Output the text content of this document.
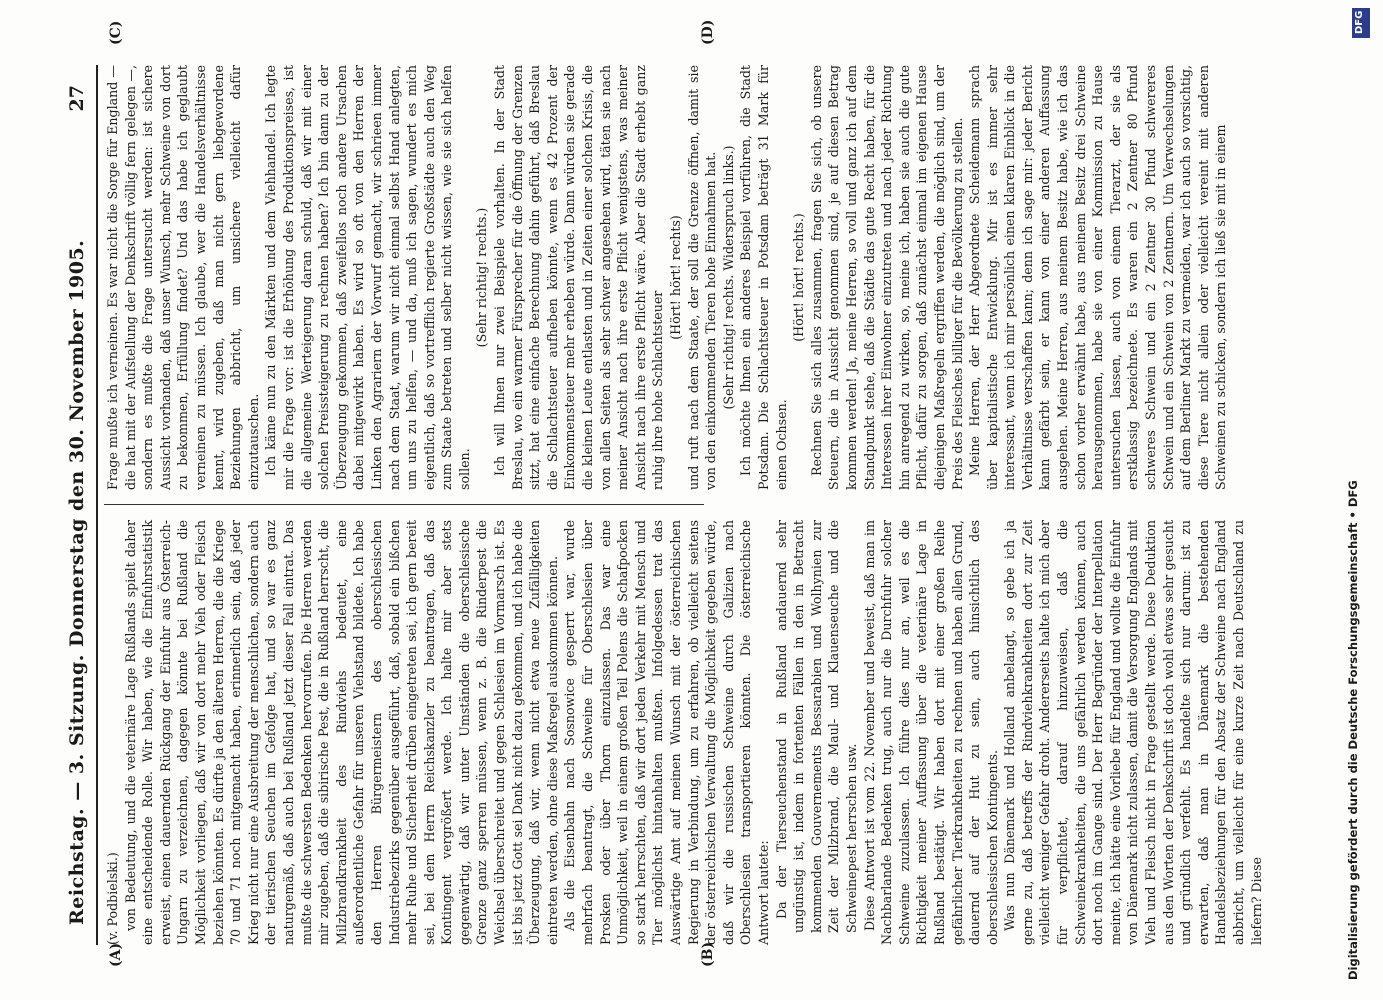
Reichstag. — 3. Sitzung. Donnerstag den 30. November 1905.
27

(v. Podbielski.) von Bedeutung, und die veterinäre Lage Rußlands spielt daher eine entscheidende Rolle. Wir haben, wie die Einfuhrstatistik erweist, einen dauernden Rückgang der Einfuhr aus Österreich-Ungarn zu verzeichnen, dagegen könnte bei Rußland die Möglichkeit vorliegen, daß wir von dort mehr Vieh oder Fleisch beziehen könnten. Es dürfte ja den älteren Herren, die die Kriege 70 und 71 noch mitgemacht haben, erinnerlich sein, daß jeder Krieg nicht nur eine Ausbreitung der menschlichen, sondern auch der tierischen Seuchen im Gefolge hat, und so war es ganz naturgemäß, daß auch bei Rußland jetzt dieser Fall eintrat. Das mußte die schwersten Bedenken hervorrufen. Die Herren werden mir zugeben, daß die sibirische Pest, die in Rußland herrscht, die Milzbrandkrankheit des Rindviehs bedeutet, eine außerordentliche Gefahr für unseren Viehstand bildete. Ich habe den Herren Bürgermeistern des oberschlesischen Industriebezirks gegenüber ausgeführt, daß, sobald ein bißchen mehr Ruhe und Sicherheit drüben eingetreten sei, ich gern bereit sei, bei dem Herrn Reichskanzler zu beantragen, daß das Kontingent vergrößert werde. Ich halte mir aber stets gegenwärtig, daß wir unter Umständen die oberschlesische Grenze ganz sperren müssen, wenn z. B. die Rinderpest die Weichsel überschreitet und gegen Schlesien im Vormarsch ist. Es ist bis jetzt Gott sei Dank nicht dazu gekommen, und ich habe die Überzeugung, daß wir, wenn nicht etwa neue Zufälligkeiten eintreten werden, ohne diese Maßregel auskommen können. Als die Eisenbahn nach Sosnowice gesperrt war, wurde mehrfach beantragt, die Schweine für Oberschlesien über Prosken oder über Thorn einzulassen. Das war eine Unmöglichkeit, weil in einem großen Teil Polens die Schafpocken so stark herrschten, daß wir dort jeden Verkehr mit Mensch und Tier möglichst hintanhalten mußten. Infolgedessen trat das Auswärtige Amt auf meinen Wunsch mit der österreichischen Regierung in Verbindung, um zu erfahren, ob vielleicht seitens der österreichischen Verwaltung die Möglichkeit gegeben würde, daß wir die russischen Schweine durch Galizien nach Oberschlesien transportieren könnten. Die österreichische Antwort lautete: Da der Tierseuchenstand in Rußland andauernd sehr ungünstig ist, indem in fortenten Fällen in den in Betracht kommenden Gouvernements Bessarabien und Wolhynien zur Zeit der Milzbrand, die Maul- und Klauenseuche und die Schweinepest herrschen usw. Diese Antwort ist vom 22. November und beweist, daß man im Nachbarlande Bedenken trug, auch nur die Durchfuhr solcher Schweine zuzulassen. Ich führe dies nur an, weil es die Richtigkeit meiner Auffassung über die veterinäre Lage in Rußland bestätigt. Wir haben dort mit einer großen Reihe gefährlicher Tierkrankheiten zu rechnen und haben allen Grund, dauernd auf der Hut zu sein, auch hinsichtlich des oberschlesischen Kontingents. Was nun Dänemark und Holland anbelangt, so gebe ich ja gerne zu, daß betreffs der Rindviehkrankheiten dort zur Zeit vielleicht weniger Gefahr droht. Andererseits halte ich mich aber für verpflichtet, darauf hinzuweisen, daß die Schweinekrankheiten, die uns gefährlich werden können, auch dort noch im Gange sind. Der Herr Begründer der Interpellation meinte, ich hätte eine Vorliebe für England und wollte die Einfuhr von Dänemark nicht zulassen, damit die Versorgung Englands mit Vieh und Fleisch nicht in Frage gestellt werde. Diese Deduktion aus den Worten der Denkschrift ist doch wohl etwas sehr gesucht und gründlich verfehlt. Es handelte sich nur darum: ist zu erwarten, daß man in Dänemark die bestehenden Handelsbeziehungen für den Absatz der Schweine nach England abbricht, um vielleicht für eine kurze Zeit nach Deutschland zu liefern? Diese

Frage mußte ich verneinen. Es war nicht die Sorge für England — die hat mit der Aufstellung der Denkschrift völlig fern gelegen —, sondern es mußte die Frage untersucht werden: ist sichere Aussicht vorhanden, daß unser Wunsch, mehr Schweine von dort zu bekommen, Erfüllung findet? Und das habe ich geglaubt verneinen zu müssen. Ich glaube, wer die Handelsverhältnisse kennt, wird zugeben, daß man nicht gern liebgewordene Beziehungen abbricht, um unsichere vielleicht dafür einzutauschen. Ich käme nun zu den Märkten und dem Viehhandel. Ich legte mir die Frage vor: ist die Erhöhung des Produktionspreises, ist die allgemeine Werteigerung daran schuld, daß wir mit einer solchen Preissteigerung zu rechnen haben? Ich bin dann zu der Überzeugung gekommen, daß zweifellos noch andere Ursachen dabei mitgewirkt haben. Es wird so oft von den Herren der Linken den Agrariern der Vorwurf gemacht, wir schrieen immer nach dem Staat, warum wir nicht einmal selbst Hand anlegten, um uns zu helfen, — und da, muß ich sagen, wundert es mich eigentlich, daß so vortrefflich regierte Großstädte auch den Weg zum Staate betreten und selber nicht wissen, wie sie sich helfen sollen.

(Sehr richtig! rechts.) Ich will Ihnen nur zwei Beispiele vorhalten. In der Stadt Breslau, wo ein warmer Fürsprecher für die Öffnung der Grenzen sitzt, hat eine einfache Berechnung dahin geführt, daß Breslau die Schlachtsteuer aufheben könnte, wenn es 42 Prozent der Einkommensteuer mehr erheben würde. Dann würden sie gerade die kleinen Leute entlasten und in Zeiten einer solchen Krisis, die von allen Seiten als sehr schwer angesehen wird, täten sie nach meiner Ansicht nach ihre erste Pflicht wenigstens, was meiner Ansicht nach ihre erste Pflicht wäre. Aber die Stadt erhebt ganz ruhig ihre hohe Schlachtsteuer

(Hört! hört! rechts) und ruft nach dem Staate, der soll die Grenze öffnen, damit sie von den einkommenden Tieren hohe Einnahmen hat. (Sehr richtig! rechts. Widerspruch links.) Ich möchte Ihnen ein anderes Beispiel vorführen, die Stadt Potsdam. Die Schlachtsteuer in Potsdam beträgt 31 Mark für einen Ochsen.

(Hört! hört! rechts.) Rechnen Sie sich alles zusammen, fragen Sie sich, ob unsere Steuern, die in Aussicht genommen sind, je auf diesen Betrag kommen werden! Ja, meine Herren, so voll und ganz ich auf dem Standpunkt stehe, daß die Städte das gute Recht haben, für die Interessen ihrer Einwohner einzutreten und nach jeder Richtung hin anregend zu wirken, so, meine ich, haben sie auch die gute Pflicht, dafür zu sorgen, daß zunächst einmal im eigenen Hause diejenigen Maßregeln ergriffen werden, die möglich sind, um der Preis des Fleisches billiger für die Bevölkerung zu stellen. Meine Herren, der Herr Abgeordnete Scheidemann sprach über kapitalistische Entwicklung. Mir ist es immer sehr interessant, wenn ich mir persönlich einen klaren Einblick in die Verhältnisse verschaffen kann; denn ich sage mir: jeder Bericht kann gefärbt sein, er kann von einer anderen Auffassung ausgehen. Meine Herren, aus meinem Besitz habe, wie ich das schon vorher erwähnt habe, aus meinem Besitz drei Schweine herausgenommen, habe sie von einer Kommission zu Hause untersuchen lassen, auch von einem Tierarzt, der sie als erstklassig bezeichnete. Es waren ein 2 Zentner 80 Pfund schweres Schwein und ein 2 Zentner 30 Pfund schwereres Schwein und ein Schwein von 2 Zentnern. Um Verwechselungen auf dem Berliner Markt zu vermeiden, war ich auch so vorsichtig, diese Tiere nicht allein oder vielleicht vereint mit anderen Schweinen zu schicken, sondern ich ließ sie mit in einem

(A)	(B)
(C)	(D)	DFG
Digitalisierung gefördert durch die Deutsche Forschungsgemeinschaft • DFG
